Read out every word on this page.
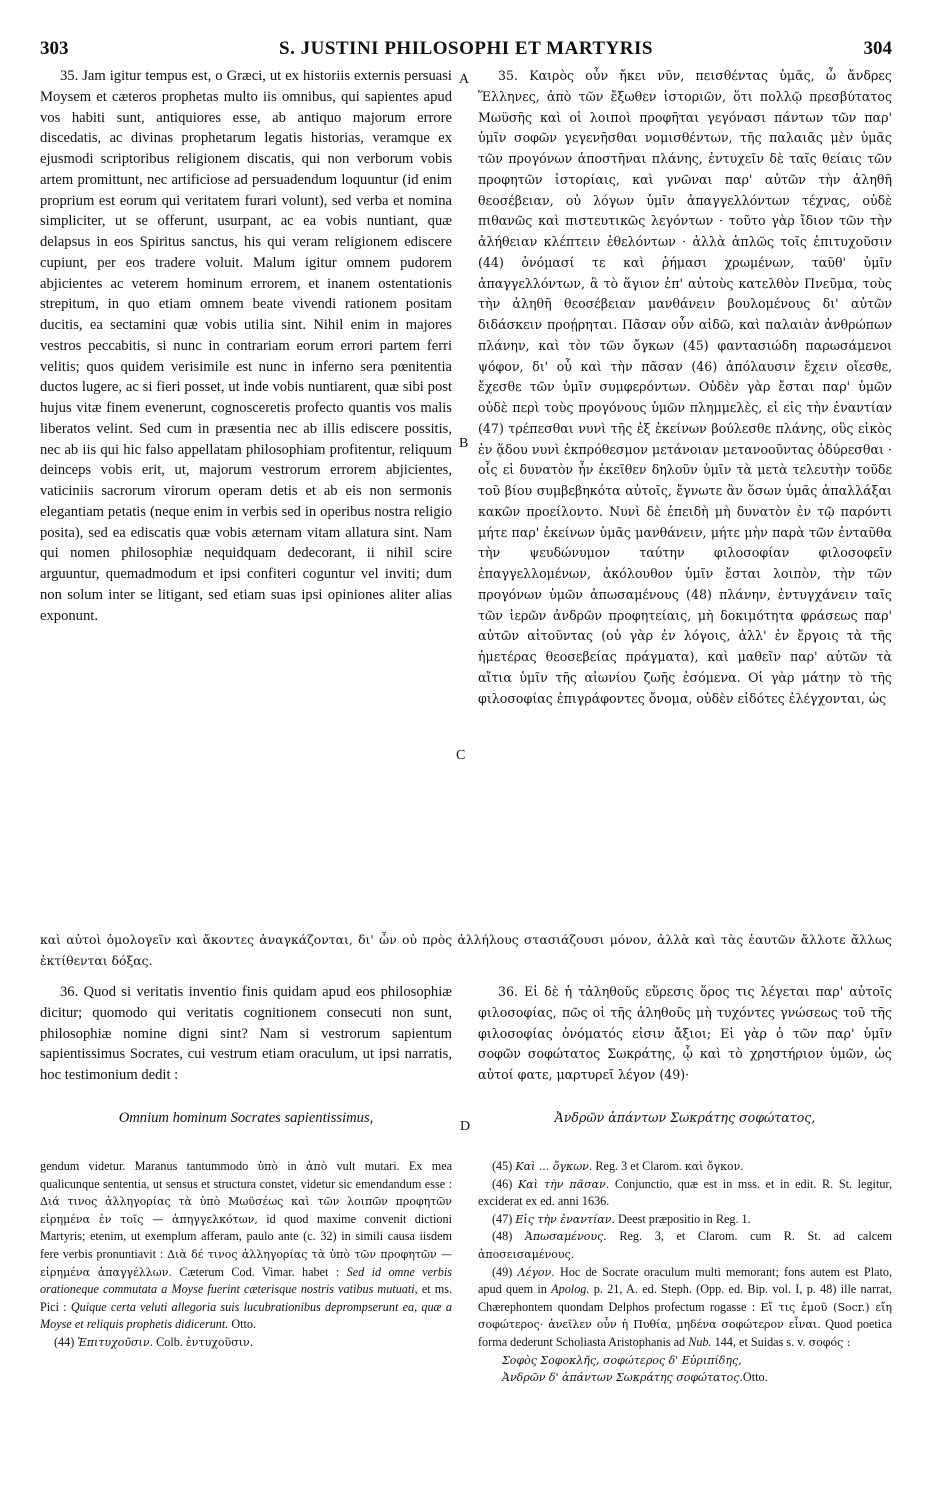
303	S. JUSTINI PHILOSOPHI ET MARTYRIS	304
A
B
C
D

35. Jam igitur tempus est, o Græci, ut ex historiis externis persuasi Moysem et cæteros prophetas multo iis omnibus, qui sapientes apud vos habiti sunt, antiquiores esse, ab antiquo majorum errore discedatis, ac divinas prophetarum legatis historias, veramque ex ejusmodi scriptoribus religionem discatis, qui non verborum vobis artem promittunt, nec artificiose ad persuadendum loquuntur (id enim proprium est eorum qui veritatem furari volunt), sed verba et nomina simpliciter, ut se offerunt, usurpant, ac ea vobis nuntiant, quæ delapsus in eos Spiritus sanctus, his qui veram religionem ediscere cupiunt, per eos tradere voluit. Malum igitur omnem pudorem abjicientes ac veterem hominum errorem, et inanem ostentationis strepitum, in quo etiam omnem beate vivendi rationem positam ducitis, ea sectamini quæ vobis utilia sint. Nihil enim in majores vestros peccabitis, si nunc in contrariam eorum errori partem ferri velitis; quos quidem verisimile est nunc in inferno sera pœnitentia ductos lugere, ac si fieri posset, ut inde vobis nuntiarent, quæ sibi post hujus vitæ finem evenerunt, cognosceretis profecto quantis vos malis liberatos velint. Sed cum in præsentia nec ab illis ediscere possitis, nec ab iis qui hic falso appellatam philosophiam profitentur, reliquum deinceps vobis erit, ut, majorum vestrorum errorem abjicientes, vaticiniis sacrorum virorum operam detis et ab eis non sermonis elegantiam petatis (neque enim in verbis sed in operibus nostra religio posita), sed ea ediscatis quæ vobis æternam vitam allatura sint. Nam qui nomen philosophiæ nequidquam dedecorant, ii nihil scire arguuntur, quemadmodum et ipsi confiteri coguntur vel inviti; dum non solum inter se litigant, sed etiam suas ipsi opiniones aliter alias exponunt.

35. Καιρὸς οὖν ἤκει νῦν, πεισθέντας ὑμᾶς, ὦ ἄνδρες Ἕλληνες, ἀπὸ τῶν ἔξωθεν ἱστοριῶν, ὅτι πολλῷ πρεσβύτατος Μωϋσῆς καὶ οἱ λοιποὶ προφῆται γεγόνασι πάντων τῶν παρ' ὑμῖν σοφῶν γεγενῆσθαι νομισθέντων, τῆς παλαιᾶς μὲν ὑμᾶς τῶν προγόνων ἀποστῆναι πλάνης, ἐντυχεῖν δὲ ταῖς θείαις τῶν προφητῶν ἱστορίαις, καὶ γνῶναι παρ' αὐτῶν τὴν ἀληθῆ θεοσέβειαν, οὐ λόγων ὑμῖν ἀπαγγελλόντων τέχνας, οὐδὲ πιθανῶς καὶ πιστευτικῶς λεγόντων · τοῦτο γὰρ ἴδιον τῶν τὴν ἀλήθειαν κλέπτειν ἐθελόντων · ἀλλὰ ἁπλῶς τοῖς ἐπιτυχοῦσιν (44) ὀνόμασί τε καὶ ῥήμασι χρωμένων, ταῦθ' ὑμῖν ἀπαγγελλόντων, ἃ τὸ ἅγιον ἐπ' αὐτοὺς κατελθὸν Πνεῦμα, τοὺς τὴν ἀληθῆ θεοσέβειαν μανθάνειν βουλομένους δι' αὐτῶν διδάσκειν προῄρηται. Πᾶσαν οὖν αἰδῶ, καὶ παλαιὰν ἀνθρώπων πλάνην, καὶ τὸν τῶν ὄγκων (45) φαντασιώδη παρωσάμενοι ψόφον, δι' οὗ καὶ τὴν πᾶσαν (46) ἀπόλαυσιν ἔχειν οἴεσθε, ἔχεσθε τῶν ὑμῖν συμφερόντων. Οὐδὲν γὰρ ἔσται παρ' ὑμῶν οὐδὲ περὶ τοὺς προγόνους ὑμῶν πλημμελὲς, εἰ εἰς τὴν ἐναντίαν (47) τρέπεσθαι νυνὶ τῆς ἐξ ἐκείνων βούλεσθε πλάνης, οὓς εἰκὸς ἐν ᾅδου νυνὶ ἐκπρόθεσμον μετάνοιαν μετανοοῦντας ὀδύρεσθαι · οἷς εἰ δυνατὸν ἦν ἐκεῖθεν δηλοῦν ὑμῖν τὰ μετὰ τελευτὴν τοῦδε τοῦ βίου συμβεβηκότα αὐτοῖς, ἔγνωτε ἂν ὅσων ὑμᾶς ἀπαλλάξαι κακῶν προείλοντο. Νυνὶ δὲ ἐπειδὴ μὴ δυνατὸν ἐν τῷ παρόντι μήτε παρ' ἐκείνων ὑμᾶς μανθάνειν, μήτε μὴν παρὰ τῶν ἐνταῦθα τὴν ψευδώνυμον ταύτην φιλοσοφίαν φιλοσοφεῖν ἐπαγγελλομένων, ἀκόλουθον ὑμῖν ἔσται λοιπὸν, τὴν τῶν προγόνων ὑμῶν ἀπωσαμένους (48) πλάνην, ἐντυγχάνειν ταῖς τῶν ἱερῶν ἀνδρῶν προφητείαις, μὴ δοκιμότητα φράσεως παρ' αὐτῶν αἰτοῦντας (οὐ γὰρ ἐν λόγοις, ἀλλ' ἐν ἔργοις τὰ τῆς ἡμετέρας θεοσεβείας πράγματα), καὶ μαθεῖν παρ' αὐτῶν τὰ αἴτια ὑμῖν τῆς αἰωνίου ζωῆς ἐσόμενα. Οἱ γὰρ μάτην τὸ τῆς φιλοσοφίας ἐπιγράφοντες ὄνομα, οὐδὲν εἰδότες ἐλέγχονται, ὡς

καὶ αὐτοὶ ὁμολογεῖν καὶ ἄκοντες ἀναγκάζονται, δι' ὧν οὐ πρὸς ἀλλήλους στασιάζουσι μόνον, ἀλλὰ καὶ τὰς ἑαυτῶν ἄλλοτε ἄλλως ἐκτίθενται δόξας.

36. Quod si veritatis inventio finis quidam apud eos philosophiæ dicitur; quomodo qui veritatis cognitionem consecuti non sunt, philosophiæ nomine digni sint? Nam si vestrorum sapientum sapientissimus Socrates, cui vestrum etiam oraculum, ut ipsi narratis, hoc testimonium dedit :

Omnium hominum Socrates sapientissimus,

36. Εἰ δὲ ἡ τἀληθοῦς εὕρεσις ὅρος τις λέγεται παρ' αὐτοῖς φιλοσοφίας, πῶς οἱ τῆς ἀληθοῦς μὴ τυχόντες γνώσεως τοῦ τῆς φιλοσοφίας ὀνόματός εἰσιν ἄξιοι; Εἰ γὰρ ὁ τῶν παρ' ὑμῖν σοφῶν σοφώτατος Σωκράτης, ᾧ καὶ τὸ χρηστήριον ὑμῶν, ὡς αὐτοί φατε, μαρτυρεῖ λέγον (49)·

Ἀνδρῶν ἁπάντων Σωκράτης σοφώτατος,

gendum videtur. Maranus tantummodo ὑπὸ in ἀπὸ vult mutari. Ex mea qualicunque sententia, ut sensus et structura constet, videtur sic emendandum esse : Διά τινος ἀλληγορίας τὰ ὑπὸ Μωϋσέως καὶ τῶν λοιπῶν προφητῶν εἰρημένα ἐν τοῖς — ἀπηγγελκότων, id quod maxime convenit dictioni Martyris; etenim, ut exemplum afferam, paulo ante (c. 32) in simili causa iisdem fere verbis pronuntiavit : Διὰ δέ τινος ἀλληγορίας τὰ ὑπὸ τῶν προφητῶν — εἰρημένα ἀπαγγέλλων. Cæterum Cod. Vimar. habet : Sed id omne verbis orationeque commutata a Moyse fuerint cæterisque nostris vatibus mutuati, et ms. Pici : Quique certa veluti allegoria suis lucubrationibus deprompserunt ea, quæ a Moyse et reliquis prophetis didicerunt. Otto.

(44) Ἐπιτυχοῦσιν. Colb. ἐντυχοῦσιν.

(45) Καὶ ... ὄγκων. Reg. 3 et Clarom. καὶ ὄγκον.

(46) Καὶ τὴν πᾶσαν. Conjunctio, quæ est in mss. et in edit. R. St. legitur, exciderat ex ed. anni 1636.

(47) Εἰς τὴν ἐναντίαν. Deest præpositio in Reg. 1.

(48) Ἀπωσαμένους. Reg. 3, et Clarom. cum R. St. ad calcem ἀποσεισαμένους.

(49) Λέγον. Hoc de Socrate oraculum multi memorant; fons autem est Plato, apud quem in Apolog. p. 21, A. ed. Steph. (Opp. ed. Bip. vol. I, p. 48) ille narrat, Chærephontem quondam Delphos profectum rogasse : Εἴ τις ἐμοῦ (Socr.) εἴη σοφώτερος· ἀνεῖλεν οὖν ἡ Πυθία, μηδένα σοφώτερον εἶναι. Quod poetica forma dederunt Scholiasta Aristophanis ad Nub. 144, et Suidas s. v. σοφός :

Σοφὸς Σοφοκλῆς, σοφώτερος δ' Εὐριπίδης,

Ἀνδρῶν δ' ἁπάντων Σωκράτης σοφώτατος.Otto.
